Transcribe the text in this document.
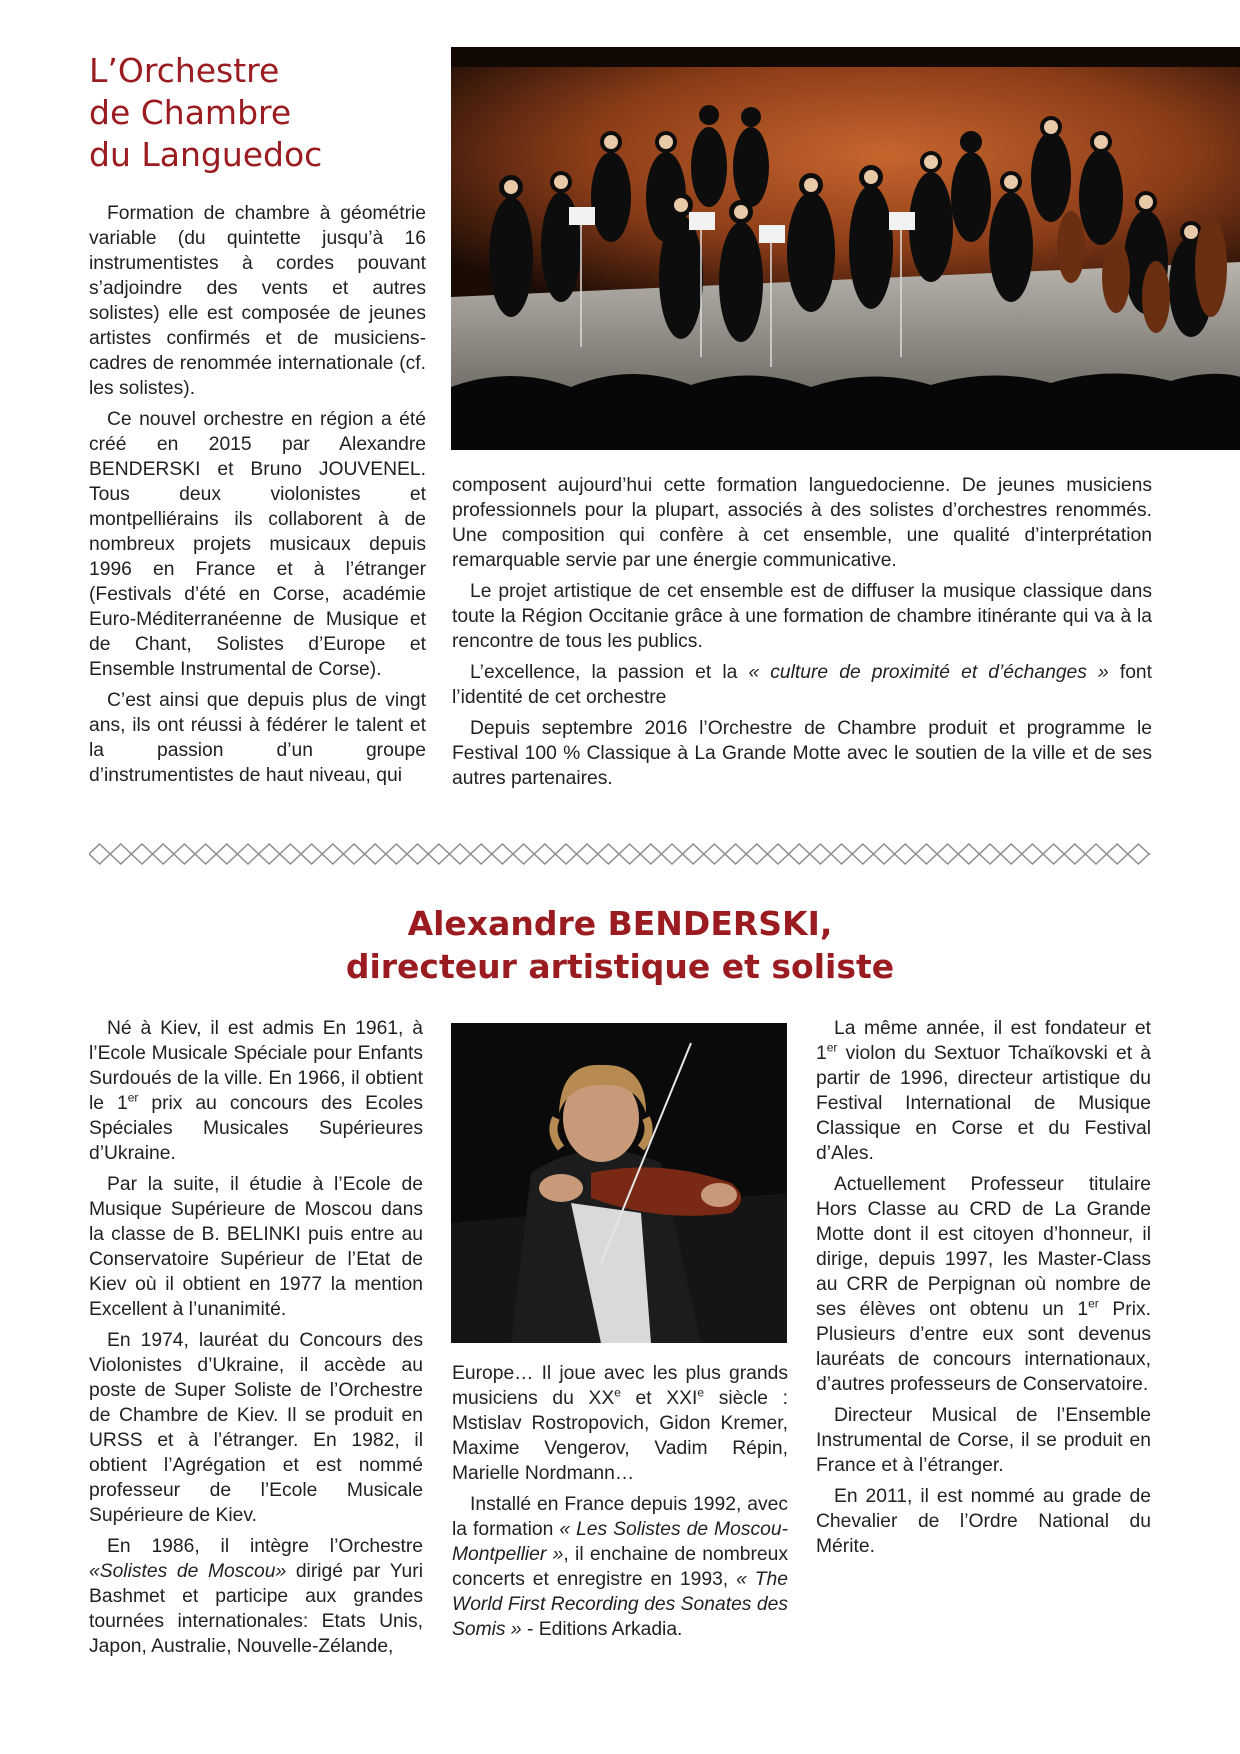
L’Orchestre
de Chambre
du Languedoc

Formation de chambre à géométrie variable (du quintette jusqu’à 16 instrumentistes à cordes pouvant s’adjoindre des vents et autres solistes) elle est composée de jeunes artistes confirmés et de musiciens-cadres de renommée internationale (cf. les solistes).

Ce nouvel orchestre en région a été créé en 2015 par Alexandre BENDERSKI et Bruno JOUVENEL. Tous deux violonistes et montpelliérains ils collaborent à de nombreux projets musicaux depuis 1996 en France et à l’étranger (Festivals d’été en Corse, académie Euro-Méditerranéenne de Musique et de Chant, Solistes d’Europe et Ensemble Instrumental de Corse).

C’est ainsi que depuis plus de vingt ans, ils ont réussi à fédérer le talent et la passion d’un groupe d’instrumentistes de haut niveau, qui

composent aujourd’hui cette formation languedocienne. De jeunes musiciens professionnels pour la plupart, associés à des solistes d’orchestres renommés. Une composition qui confère à cet ensemble, une qualité d’interprétation remarquable servie par une énergie communicative.

Le projet artistique de cet ensemble est de diffuser la musique classique dans toute la Région Occitanie grâce à une formation de chambre itinérante qui va à la rencontre de tous les publics.

L’excellence, la passion et la « culture de proximité et d’échanges » font l’identité de cet orchestre

Depuis septembre 2016 l’Orchestre de Chambre produit et programme le Festival 100 % Classique à La Grande Motte avec le soutien de la ville et de ses autres partenaires.

Alexandre BENDERSKI,
directeur artistique et soliste

Né à Kiev, il est admis En 1961, à l’Ecole Musicale Spéciale pour Enfants Surdoués de la ville. En 1966, il obtient le 1er prix au concours des Ecoles Spéciales Musicales Supérieures d’Ukraine.

Par la suite, il étudie à l’Ecole de Musique Supérieure de Moscou dans la classe de B. BELINKI puis entre au Conservatoire Supérieur de l’Etat de Kiev où il obtient en 1977 la mention Excellent à l’unanimité.

En 1974, lauréat du Concours des Violonistes d’Ukraine, il accède au poste de Super Soliste de l’Orchestre de Chambre de Kiev. Il se produit en URSS et à l’étranger. En 1982, il obtient l’Agrégation et est nommé professeur de l’Ecole Musicale Supérieure de Kiev.

En 1986, il intègre l’Orchestre «Solistes de Moscou» dirigé par Yuri Bashmet et participe aux grandes tournées internationales: Etats Unis, Japon, Australie, Nouvelle-Zélande,

Europe… Il joue avec les plus grands musiciens du XXe et XXIe siècle : Mstislav Rostropovich, Gidon Kremer, Maxime Vengerov, Vadim Répin, Marielle Nordmann…

Installé en France depuis 1992, avec la formation « Les Solistes de Moscou-Montpellier », il enchaine de nombreux concerts et enregistre en 1993, « The World First Recording des Sonates des Somis » - Editions Arkadia.

La même année, il est fondateur et 1er violon du Sextuor Tchaïkovski et à partir de 1996, directeur artistique du Festival International de Musique Classique en Corse et du Festival d’Ales.

Actuellement Professeur titulaire Hors Classe au CRD de La Grande Motte dont il est citoyen d’honneur, il dirige, depuis 1997, les Master-Class au CRR de Perpignan où nombre de ses élèves ont obtenu un 1er Prix. Plusieurs d’entre eux sont devenus lauréats de concours internationaux, d’autres professeurs de Conservatoire.

Directeur Musical de l’Ensemble Instrumental de Corse, il se produit en France et à l’étranger.

En 2011, il est nommé au grade de Chevalier de l’Ordre National du Mérite.
